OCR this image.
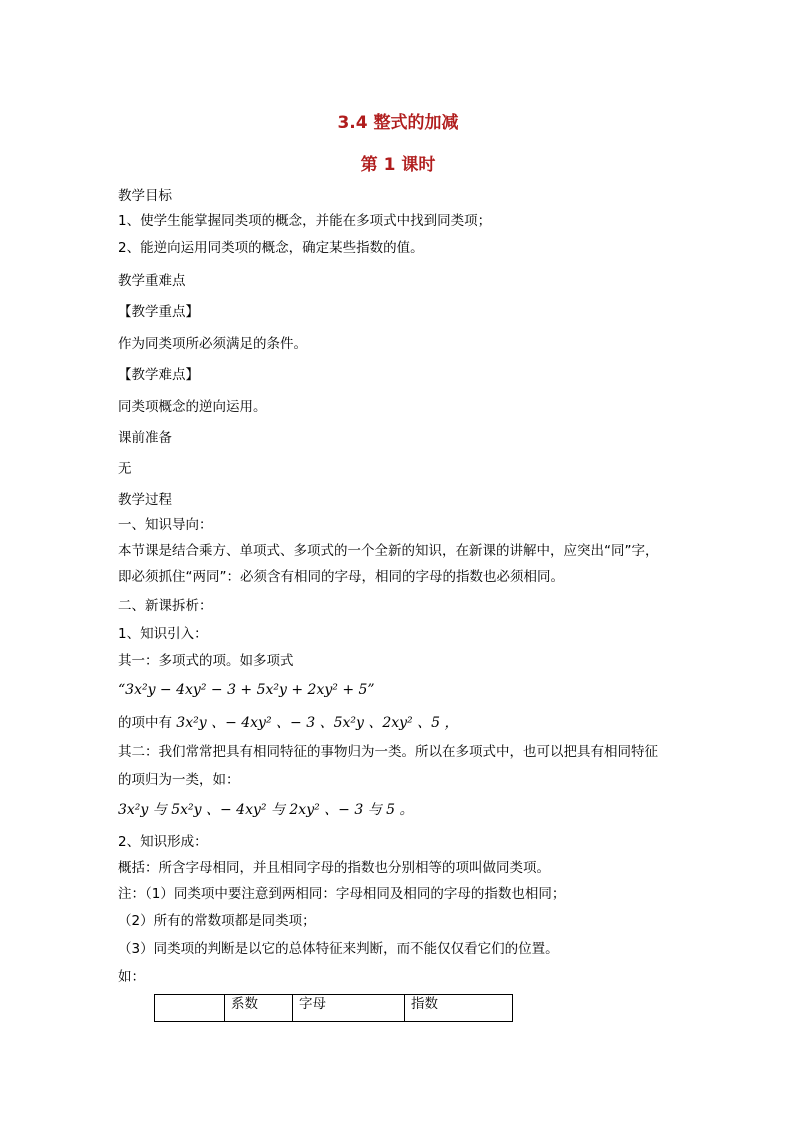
3.4 整式的加减
第 1 课时
教学目标
1、使学生能掌握同类项的概念，并能在多项式中找到同类项；
2、能逆向运用同类项的概念，确定某些指数的值。
教学重难点
【教学重点】
作为同类项所必须满足的条件。
【教学难点】
同类项概念的逆向运用。
课前准备
无
教学过程
一、知识导向：
本节课是结合乘方、单项式、多项式的一个全新的知识，在新课的讲解中，应突出“同”字，
即必须抓住“两同”：必须含有相同的字母，相同的字母的指数也必须相同。
二、新课拆析：
1、知识引入：
其一：多项式的项。如多项式
“3x²y − 4xy² − 3 + 5x²y + 2xy² + 5”
的项中有 3x²y 、− 4xy² 、− 3 、5x²y 、2xy² 、5 ，
其二：我们常常把具有相同特征的事物归为一类。所以在多项式中，也可以把具有相同特征
的项归为一类，如：
3x²y 与 5x²y 、− 4xy² 与 2xy² 、− 3 与 5 。
2、知识形成：
概括：所含字母相同，并且相同字母的指数也分别相等的项叫做同类项。
注：（1）同类项中要注意到两相同：字母相同及相同的字母的指数也相同；
（2）所有的常数项都是同类项；
（3）同类项的判断是以它的总体特征来判断，而不能仅仅看它们的位置。
如：
	系数	字母	指数
